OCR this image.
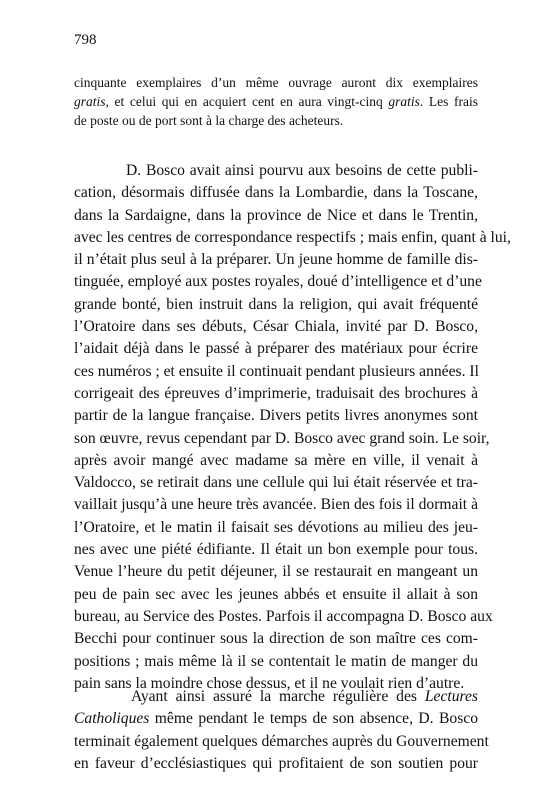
798
cinquante exemplaires d’un même ouvrage auront dix exemplaires
gratis, et celui qui en acquiert cent en aura vingt-cinq gratis. Les frais
de poste ou de port sont à la charge des acheteurs.
D. Bosco avait ainsi pourvu aux besoins de cette publi-
cation, désormais diffusée dans la Lombardie, dans la Toscane,
dans la Sardaigne, dans la province de Nice et dans le Trentin,
avec les centres de correspondance respectifs ; mais enfin, quant à lui,
il n’était plus seul à la préparer. Un jeune homme de famille dis-
tinguée, employé aux postes royales, doué d’intelligence et d’une
grande bonté, bien instruit dans la religion, qui avait fréquenté
l’Oratoire dans ses débuts, César Chiala, invité par D. Bosco,
l’aidait déjà dans le passé à préparer des matériaux pour écrire
ces numéros ; et ensuite il continuait pendant plusieurs années. Il
corrigeait des épreuves d’imprimerie, traduisait des brochures à
partir de la langue française. Divers petits livres anonymes sont
son œuvre, revus cependant par D. Bosco avec grand soin. Le soir,
après avoir mangé avec madame sa mère en ville, il venait à
Valdocco, se retirait dans une cellule qui lui était réservée et tra-
vaillait jusqu’à une heure très avancée. Bien des fois il dormait à
l’Oratoire, et le matin il faisait ses dévotions au milieu des jeu-
nes avec une piété édifiante. Il était un bon exemple pour tous.
Venue l’heure du petit déjeuner, il se restaurait en mangeant un
peu de pain sec avec les jeunes abbés et ensuite il allait à son
bureau, au Service des Postes. Parfois il accompagna D. Bosco aux
Becchi pour continuer sous la direction de son maître ces com-
positions ; mais même là il se contentait le matin de manger du
pain sans la moindre chose dessus, et il ne voulait rien d’autre.
Ayant ainsi assuré la marche régulière des Lectures
Catholiques même pendant le temps de son absence, D. Bosco
terminait également quelques démarches auprès du Gouvernement
en faveur d’ecclésiastiques qui profitaient de son soutien pour
